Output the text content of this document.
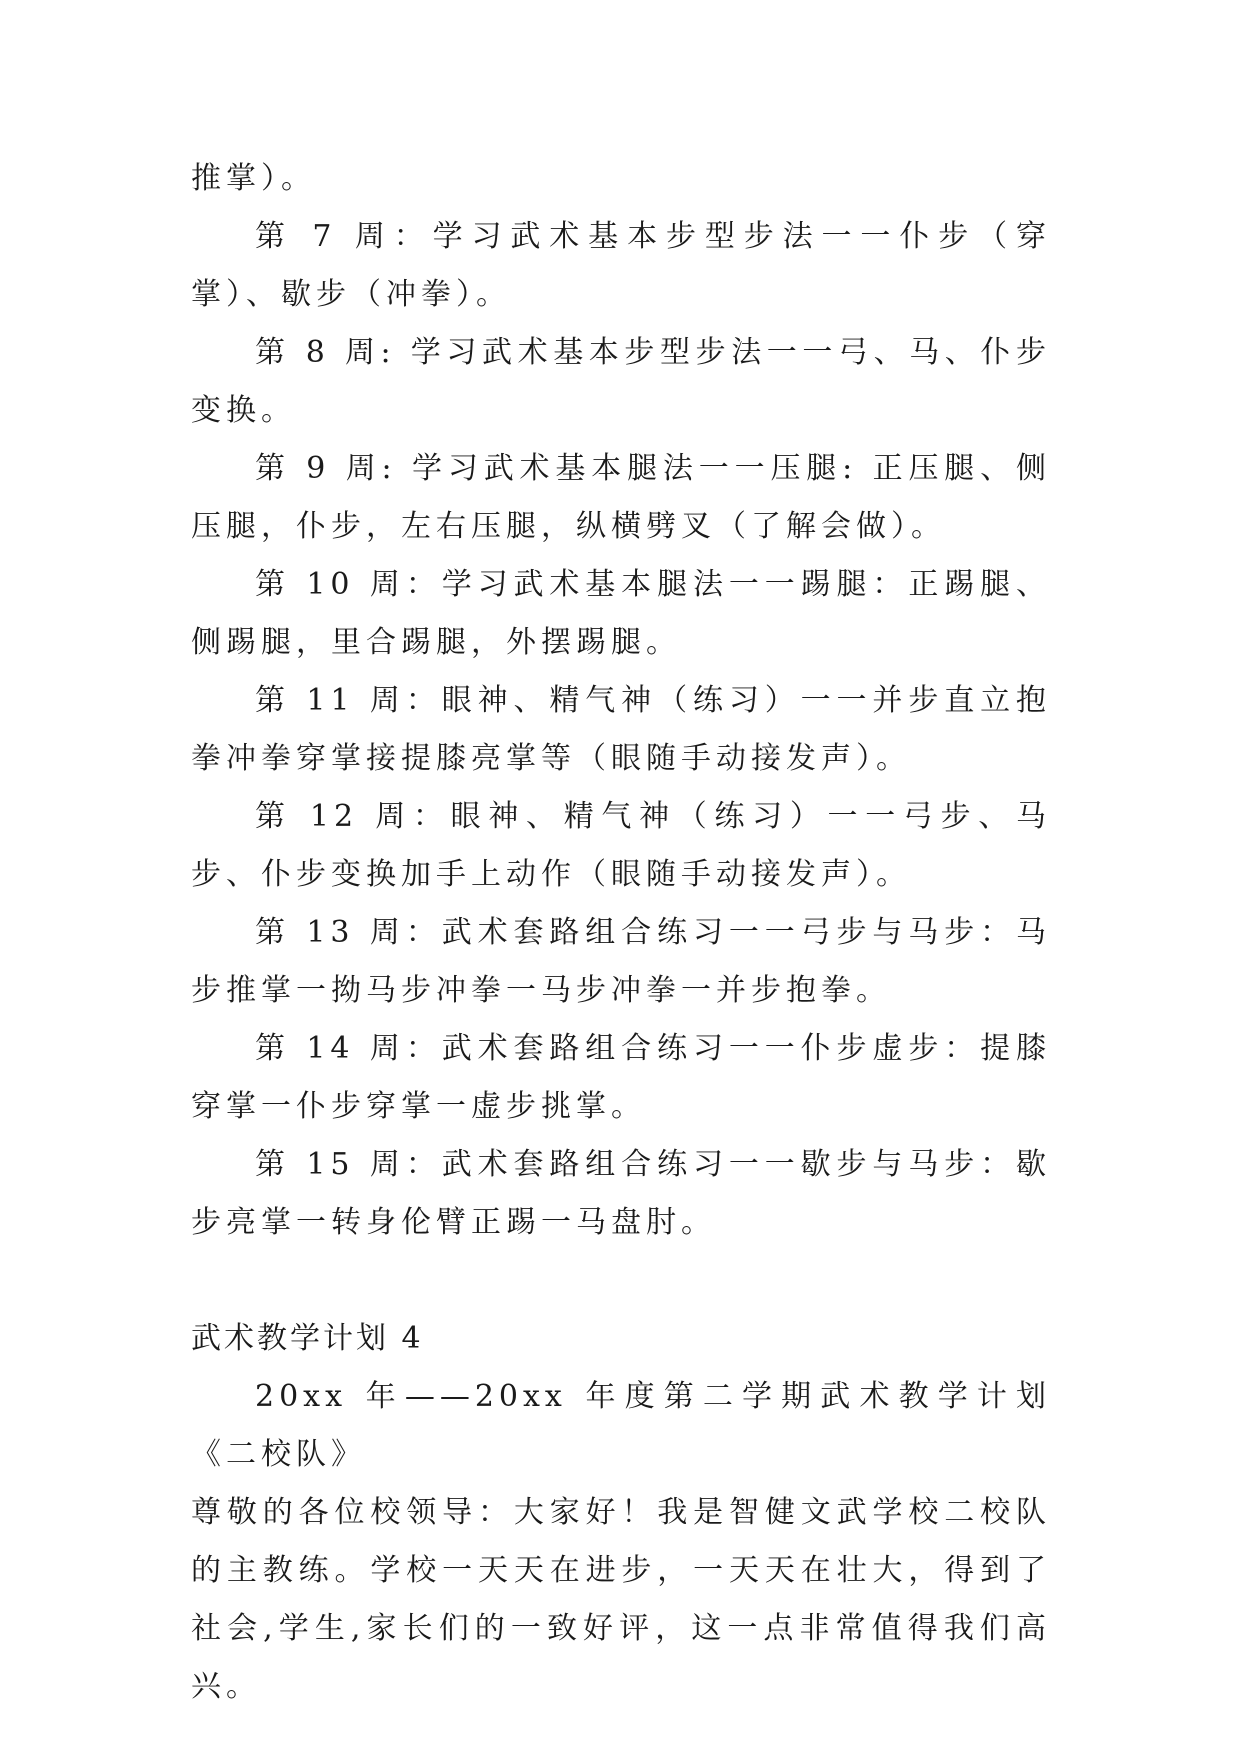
推掌）。

第 7 周：学习武术基本步型步法一一仆步（穿掌）、歇步（冲拳）。

第 8 周: 学习武术基本步型步法一一弓、马、仆步变换。

第 9 周: 学习武术基本腿法一一压腿: 正压腿、侧压腿，仆步，左右压腿，纵横劈叉（了解会做）。

第 10 周：学习武术基本腿法一一踢腿：正踢腿、侧踢腿，里合踢腿，外摆踢腿。

第 11 周：眼神、精气神（练习）一一并步直立抱拳冲拳穿掌接提膝亮掌等（眼随手动接发声）。

第 12 周：眼神、精气神（练习）一一弓步、马步、仆步变换加手上动作（眼随手动接发声）。

第 13 周：武术套路组合练习一一弓步与马步：马步推掌一拗马步冲拳一马步冲拳一并步抱拳。

第 14 周：武术套路组合练习一一仆步虚步：提膝穿掌一仆步穿掌一虚步挑掌。

第 15 周：武术套路组合练习一一歇步与马步：歇步亮掌一转身伦臂正踢一马盘肘。

武术教学计划 4

20xx 年——20xx 年度第二学期武术教学计划《二校队》

尊敬的各位校领导：大家好！我是智健文武学校二校队的主教练。学校一天天在进步，一天天在壮大，得到了社会,学生,家长们的一致好评，这一点非常值得我们高兴。
